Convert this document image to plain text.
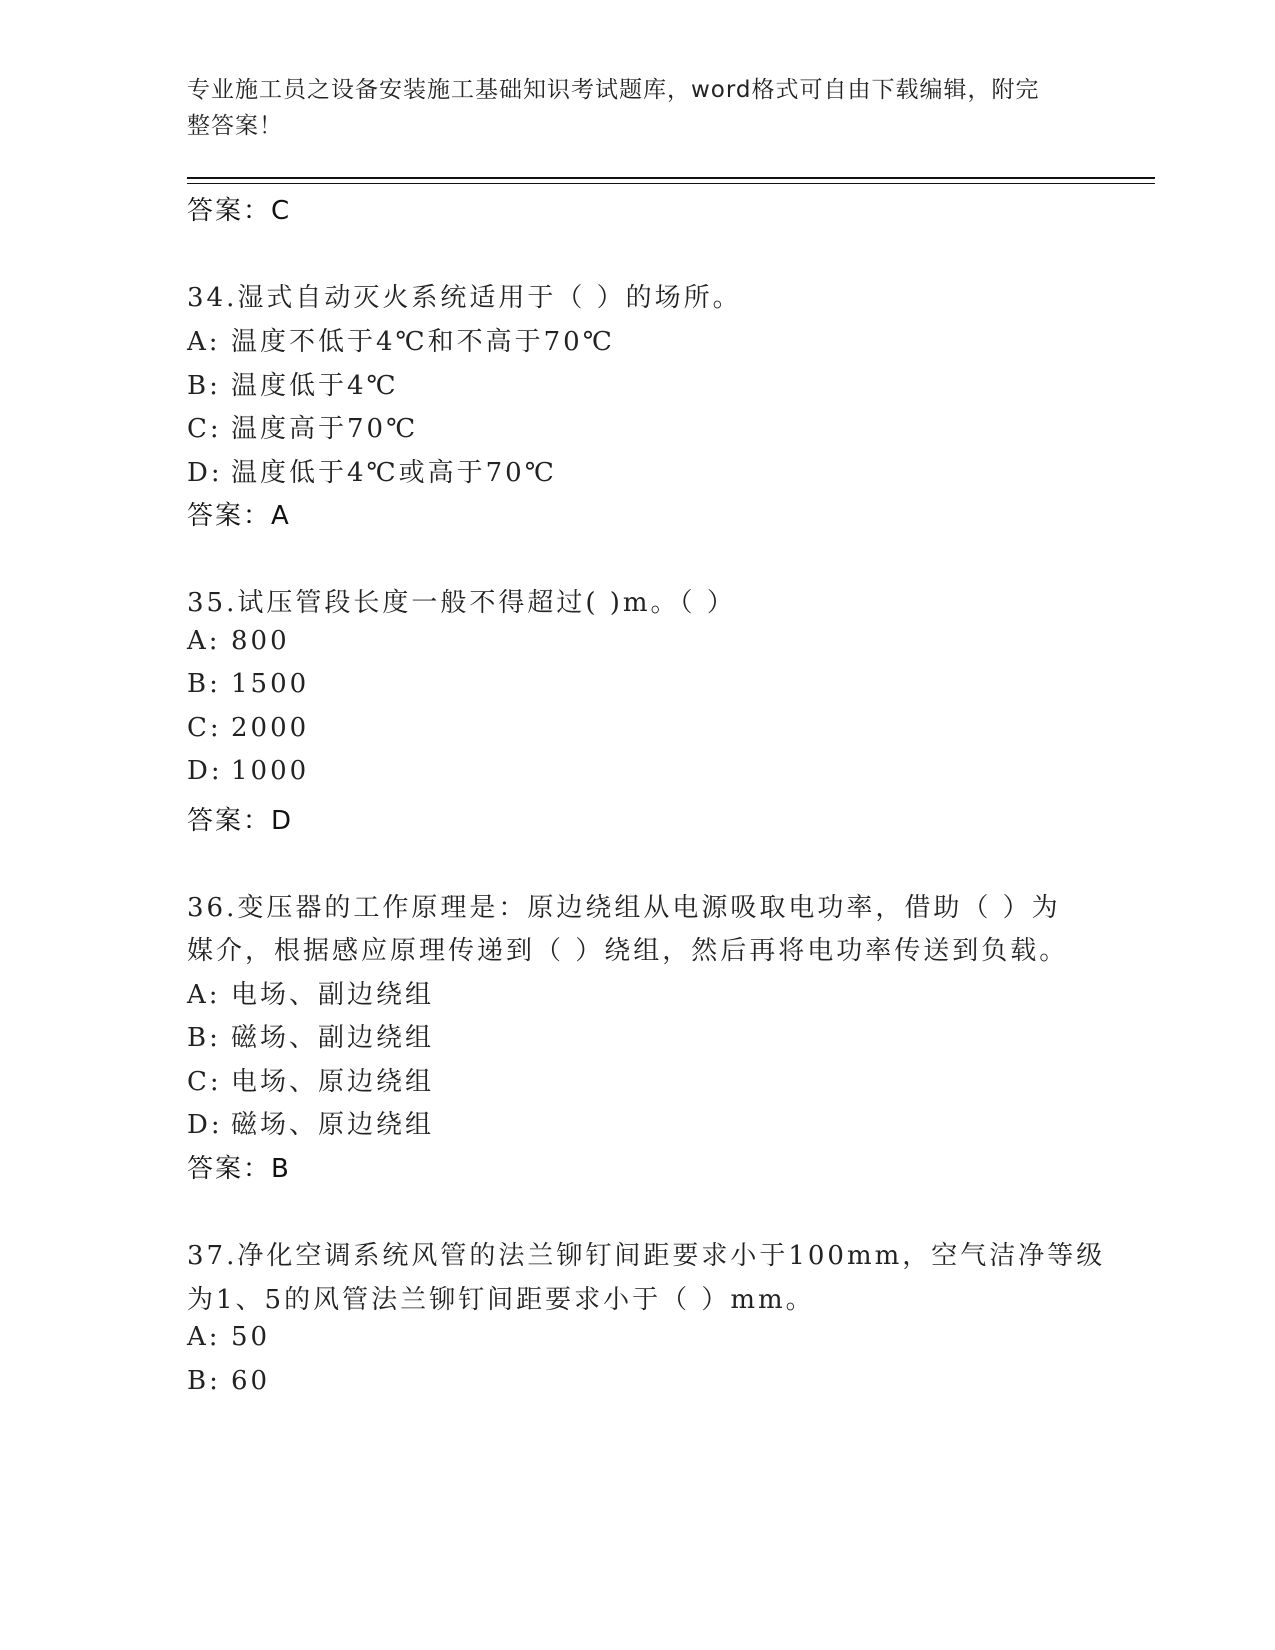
专业施工员之设备安装施工基础知识考试题库，word格式可自由下载编辑，附完
整答案！
答案：C
34.湿式自动灭火系统适用于（ ）的场所。
A: 温度不低于4℃和不高于70℃
B: 温度低于4℃
C: 温度高于70℃
D: 温度低于4℃或高于70℃
答案：A
35.试压管段长度一般不得超过( )m。（ ）
A: 800
B: 1500
C: 2000
D: 1000
答案：D
36.变压器的工作原理是：原边绕组从电源吸取电功率，借助（ ）为
媒介，根据感应原理传递到（ ）绕组，然后再将电功率传送到负载。
A: 电场、副边绕组
B: 磁场、副边绕组
C: 电场、原边绕组
D: 磁场、原边绕组
答案：B
37.净化空调系统风管的法兰铆钉间距要求小于100mm，空气洁净等级
为1、5的风管法兰铆钉间距要求小于（ ）mm。
A: 50
B: 60
